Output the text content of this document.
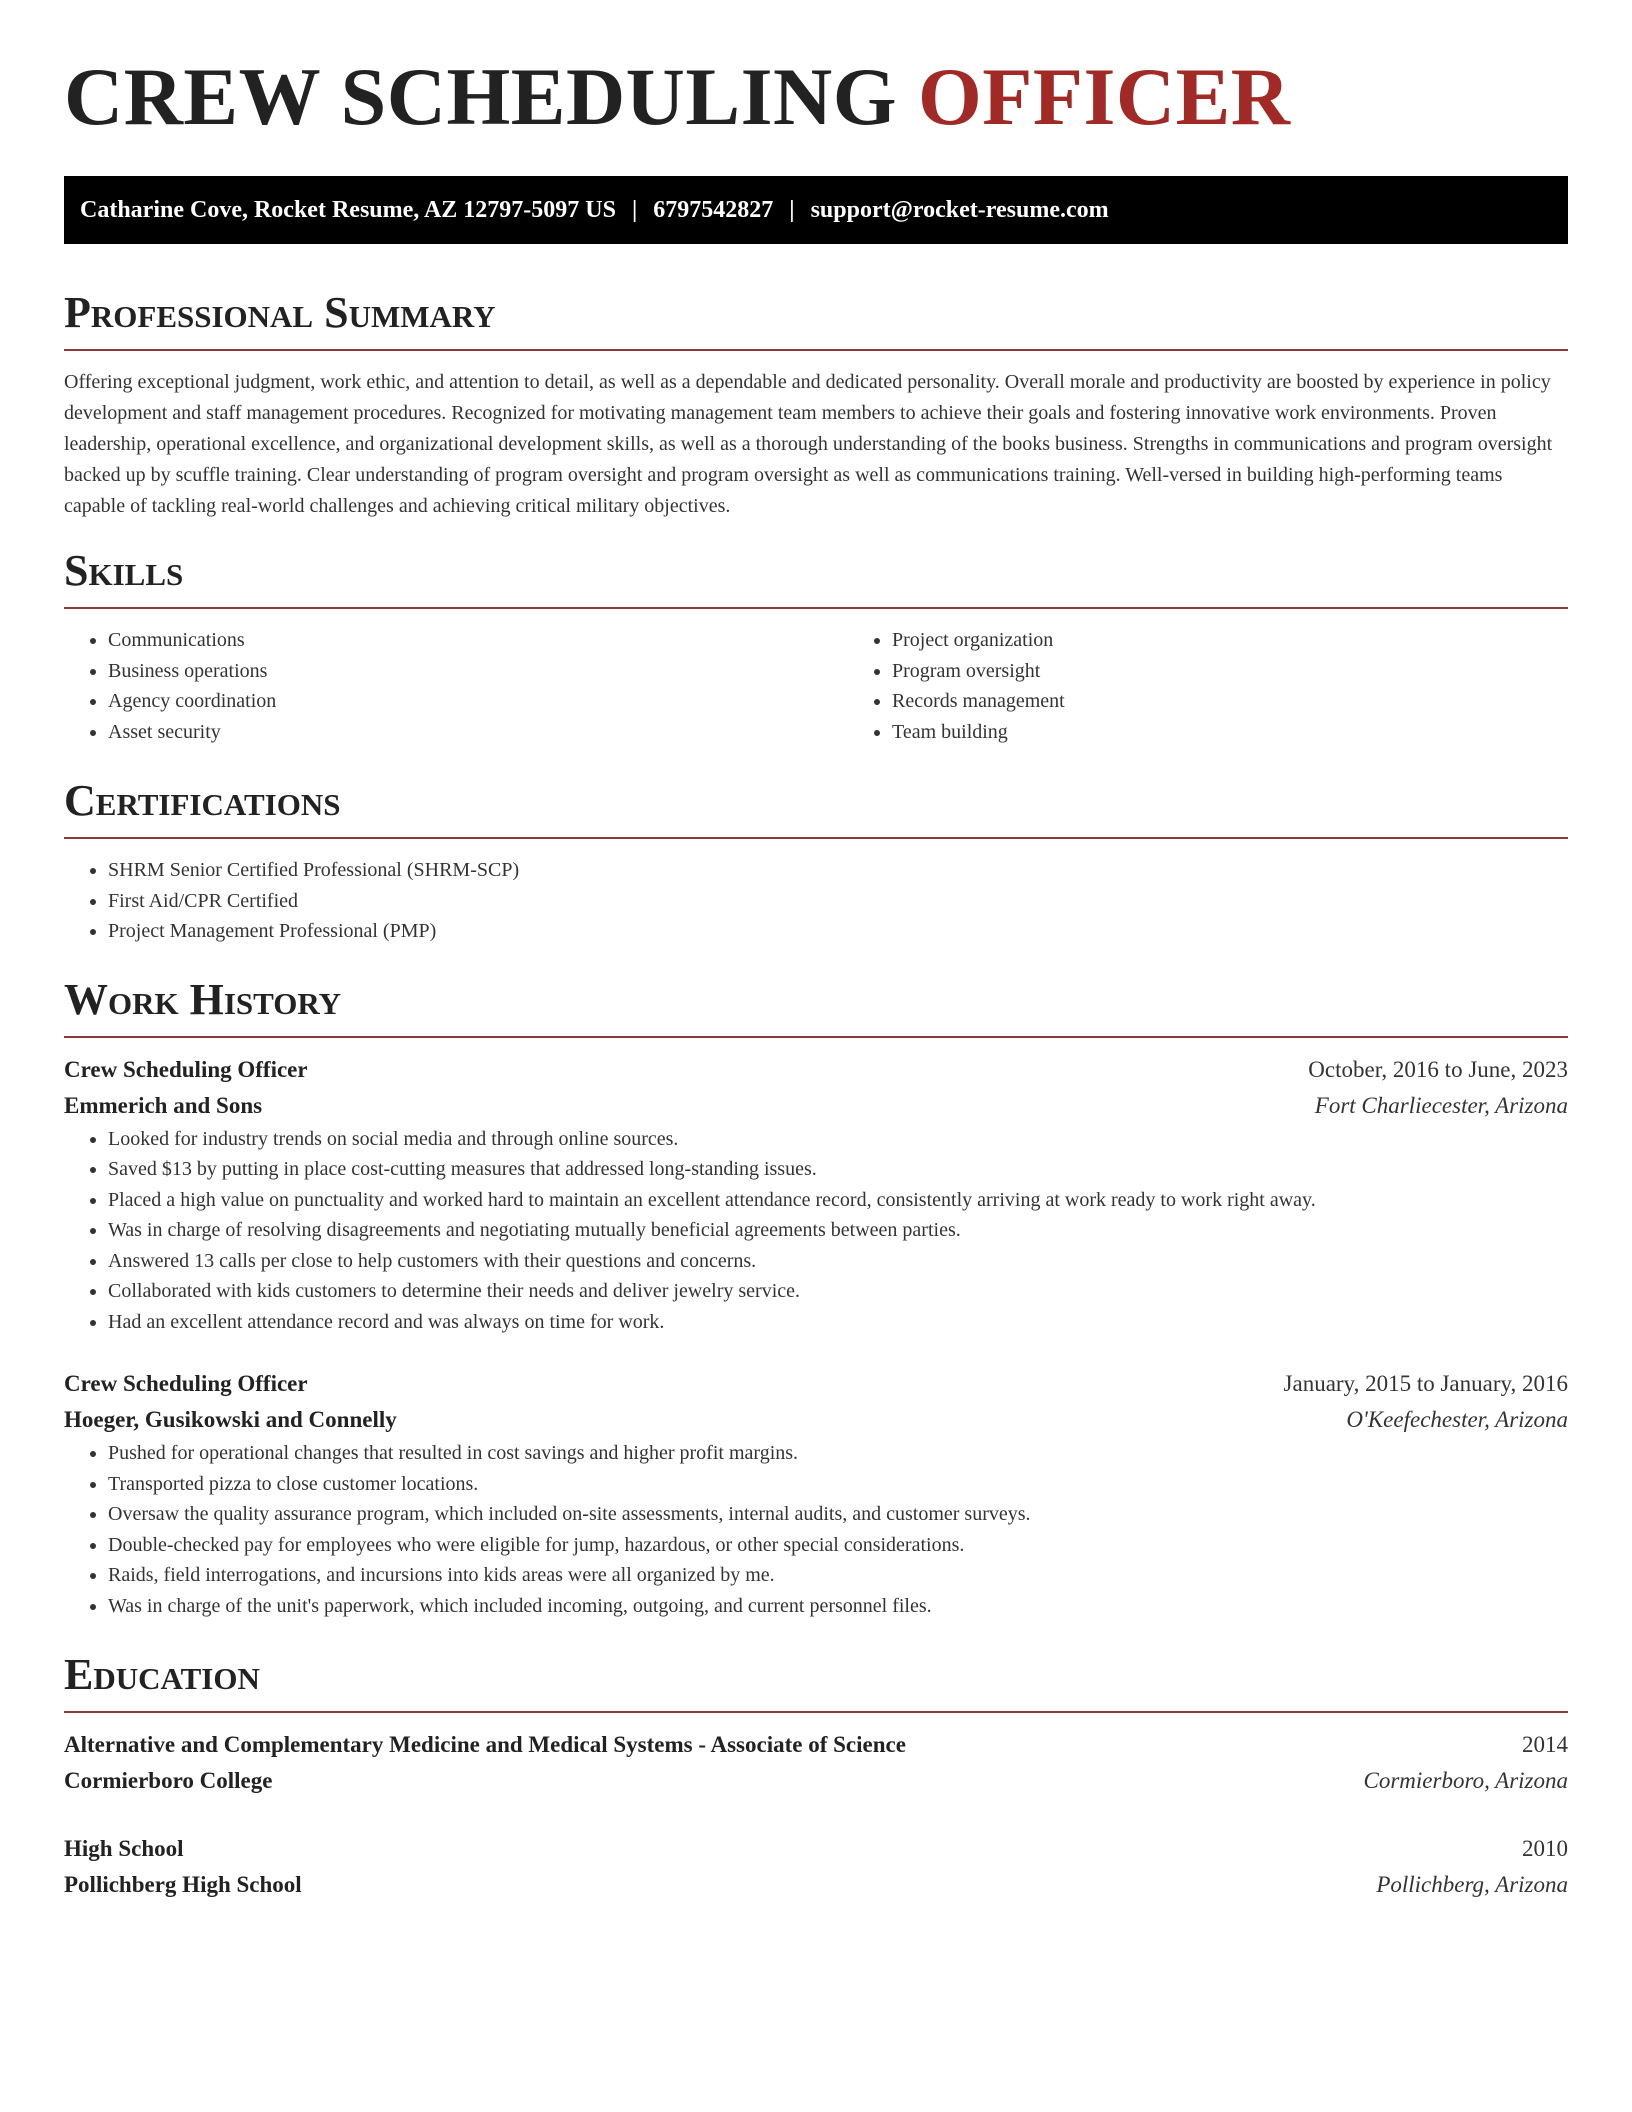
CREW SCHEDULING OFFICER
Catharine Cove, Rocket Resume, AZ 12797-5097 US | 6797542827 | support@rocket-resume.com
Professional Summary

Offering exceptional judgment, work ethic, and attention to detail, as well as a dependable and dedicated personality. Overall morale and productivity are boosted by experience in policy development and staff management procedures. Recognized for motivating management team members to achieve their goals and fostering innovative work environments. Proven leadership, operational excellence, and organizational development skills, as well as a thorough understanding of the books business. Strengths in communications and program oversight backed up by scuffle training. Clear understanding of program oversight and program oversight as well as communications training. Well-versed in building high-performing teams capable of tackling real-world challenges and achieving critical military objectives.

Skills
• Communications
• Business operations
• Agency coordination
• Asset security
• Project organization
• Program oversight
• Records management
• Team building
Certifications
• SHRM Senior Certified Professional (SHRM-SCP)
• First Aid/CPR Certified
• Project Management Professional (PMP)
Work History
Crew Scheduling Officer	October, 2016 to June, 2023
Emmerich and Sons	Fort Charliecester, Arizona
• Looked for industry trends on social media and through online sources.
• Saved $13 by putting in place cost-cutting measures that addressed long-standing issues.
• Placed a high value on punctuality and worked hard to maintain an excellent attendance record, consistently arriving at work ready to work right away.
• Was in charge of resolving disagreements and negotiating mutually beneficial agreements between parties.
• Answered 13 calls per close to help customers with their questions and concerns.
• Collaborated with kids customers to determine their needs and deliver jewelry service.
• Had an excellent attendance record and was always on time for work.
Crew Scheduling Officer	January, 2015 to January, 2016
Hoeger, Gusikowski and Connelly	O'Keefechester, Arizona
• Pushed for operational changes that resulted in cost savings and higher profit margins.
• Transported pizza to close customer locations.
• Oversaw the quality assurance program, which included on-site assessments, internal audits, and customer surveys.
• Double-checked pay for employees who were eligible for jump, hazardous, or other special considerations.
• Raids, field interrogations, and incursions into kids areas were all organized by me.
• Was in charge of the unit's paperwork, which included incoming, outgoing, and current personnel files.
Education
Alternative and Complementary Medicine and Medical Systems - Associate of Science	2014
Cormierboro College	Cormierboro, Arizona
High School	2010
Pollichberg High School	Pollichberg, Arizona
